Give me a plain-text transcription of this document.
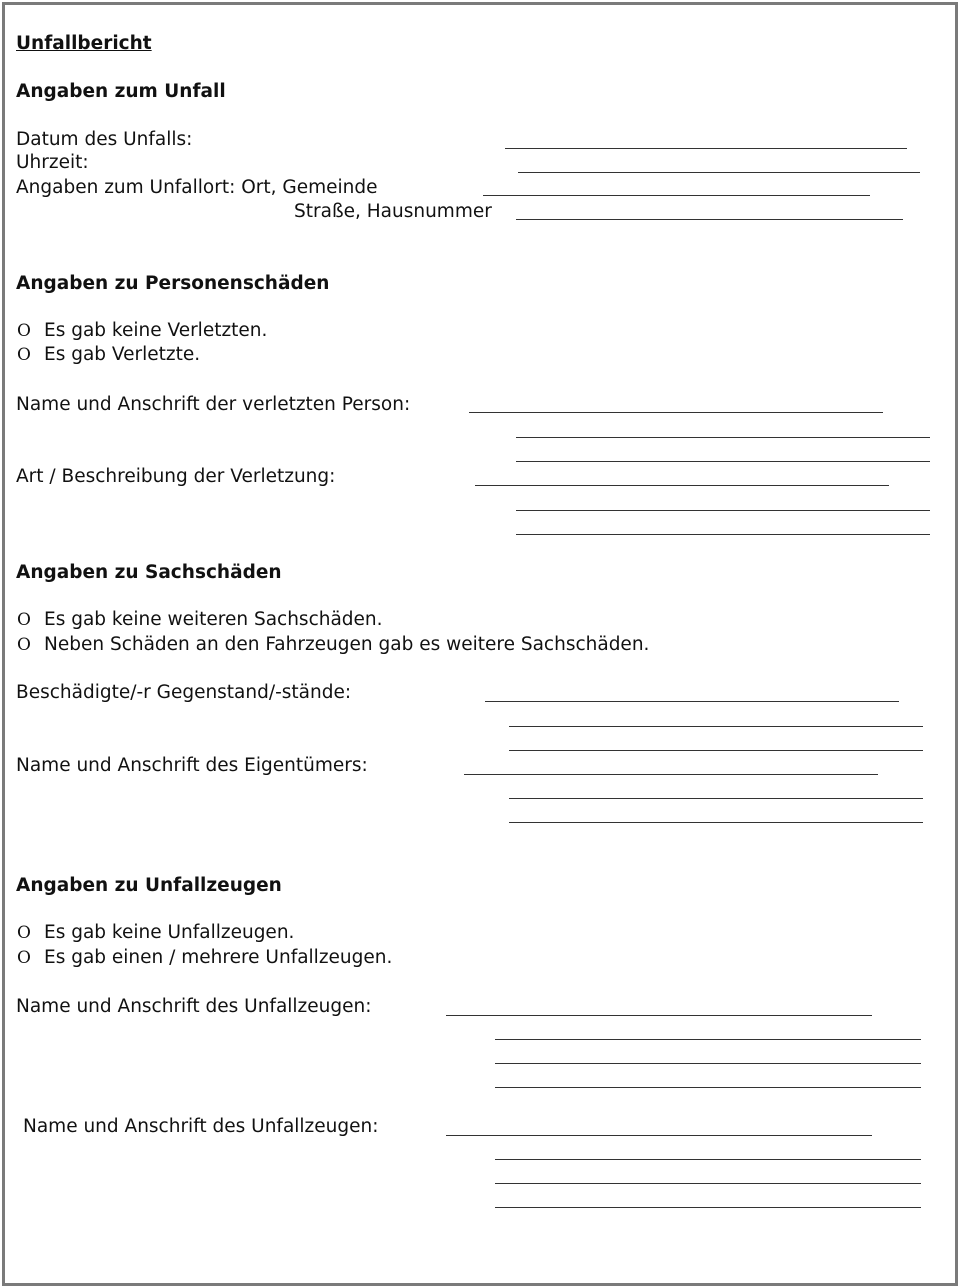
Unfallbericht
Angaben zum Unfall
Datum des Unfalls:
Uhrzeit:
Angaben zum Unfallort: Ort, Gemeinde
Straße, Hausnummer
Angaben zu Personenschäden
O Es gab keine Verletzten.
O Es gab Verletzte.
Name und Anschrift der verletzten Person:
Art / Beschreibung der Verletzung:
Angaben zu Sachschäden
O Es gab keine weiteren Sachschäden.
O Neben Schäden an den Fahrzeugen gab es weitere Sachschäden.
Beschädigte/-r Gegenstand/-stände:
Name und Anschrift des Eigentümers:
Angaben zu Unfallzeugen
O Es gab keine Unfallzeugen.
O Es gab einen / mehrere Unfallzeugen.
Name und Anschrift des Unfallzeugen:
Name und Anschrift des Unfallzeugen:
